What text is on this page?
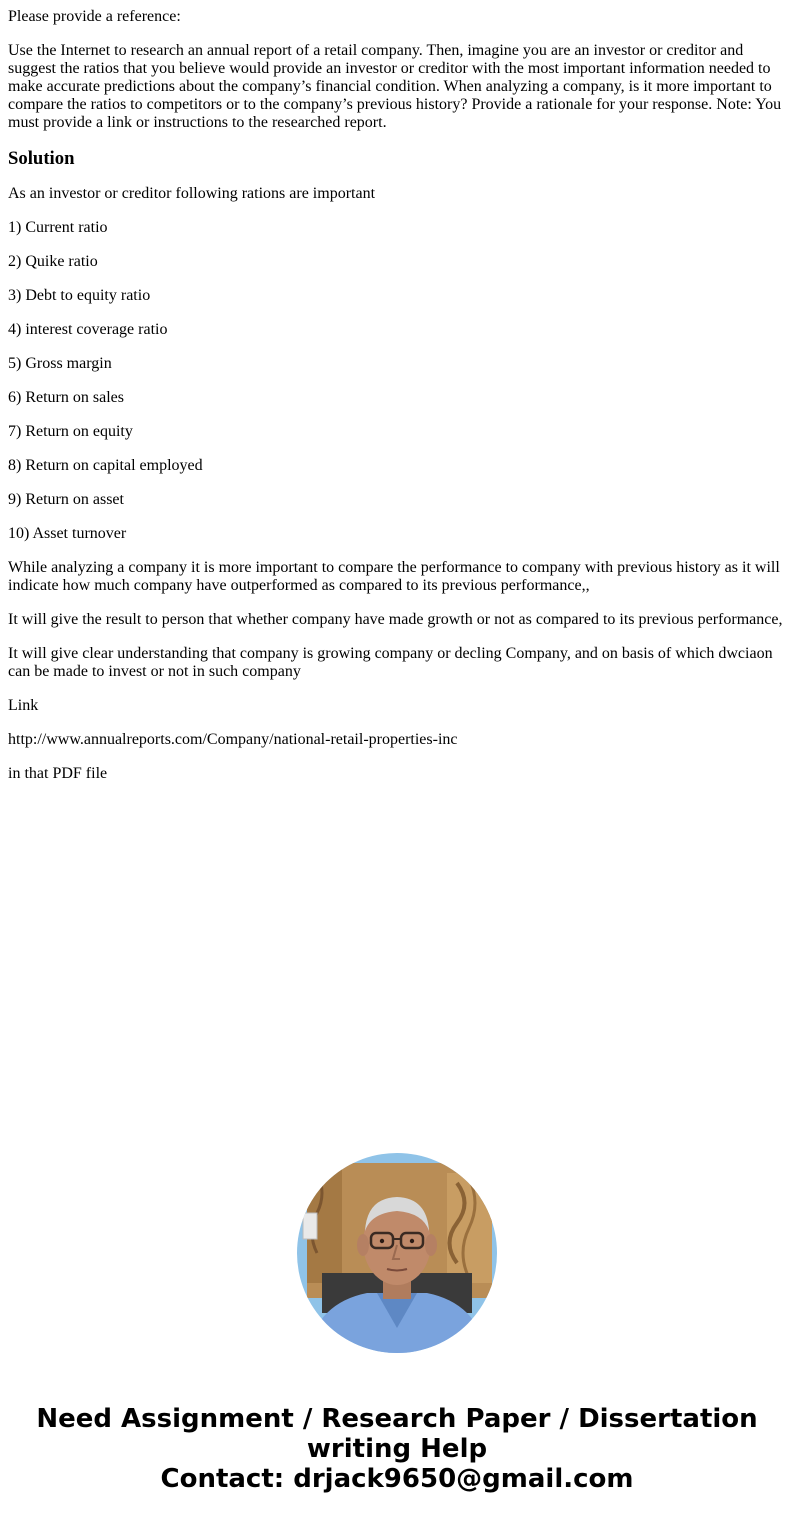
Please provide a reference:

Use the Internet to research an annual report of a retail company. Then, imagine you are an investor or creditor and suggest the ratios that you believe would provide an investor or creditor with the most important information needed to make accurate predictions about the company’s financial condition. When analyzing a company, is it more important to compare the ratios to competitors or to the company’s previous history? Provide a rationale for your response. Note: You must provide a link or instructions to the researched report.

Solution

As an investor or creditor following rations are important

1) Current ratio

2) Quike ratio

3) Debt to equity ratio

4) interest coverage ratio

5) Gross margin

6) Return on sales

7) Return on equity

8) Return on capital employed

9) Return on asset

10) Asset turnover

While analyzing a company it is more important to compare the performance to company with previous history as it will indicate how much company have outperformed as compared to its previous performance,,

It will give the result to person that whether company have made growth or not as compared to its previous performance,

It will give clear understanding that company is growing company or decling Company, and on basis of which dwciaon can be made to invest or not in such company

Link

http://www.annualreports.com/Company/national-retail-properties-inc

in that PDF file

Need Assignment / Research Paper / Dissertation
writing Help
Contact: drjack9650@gmail.com
